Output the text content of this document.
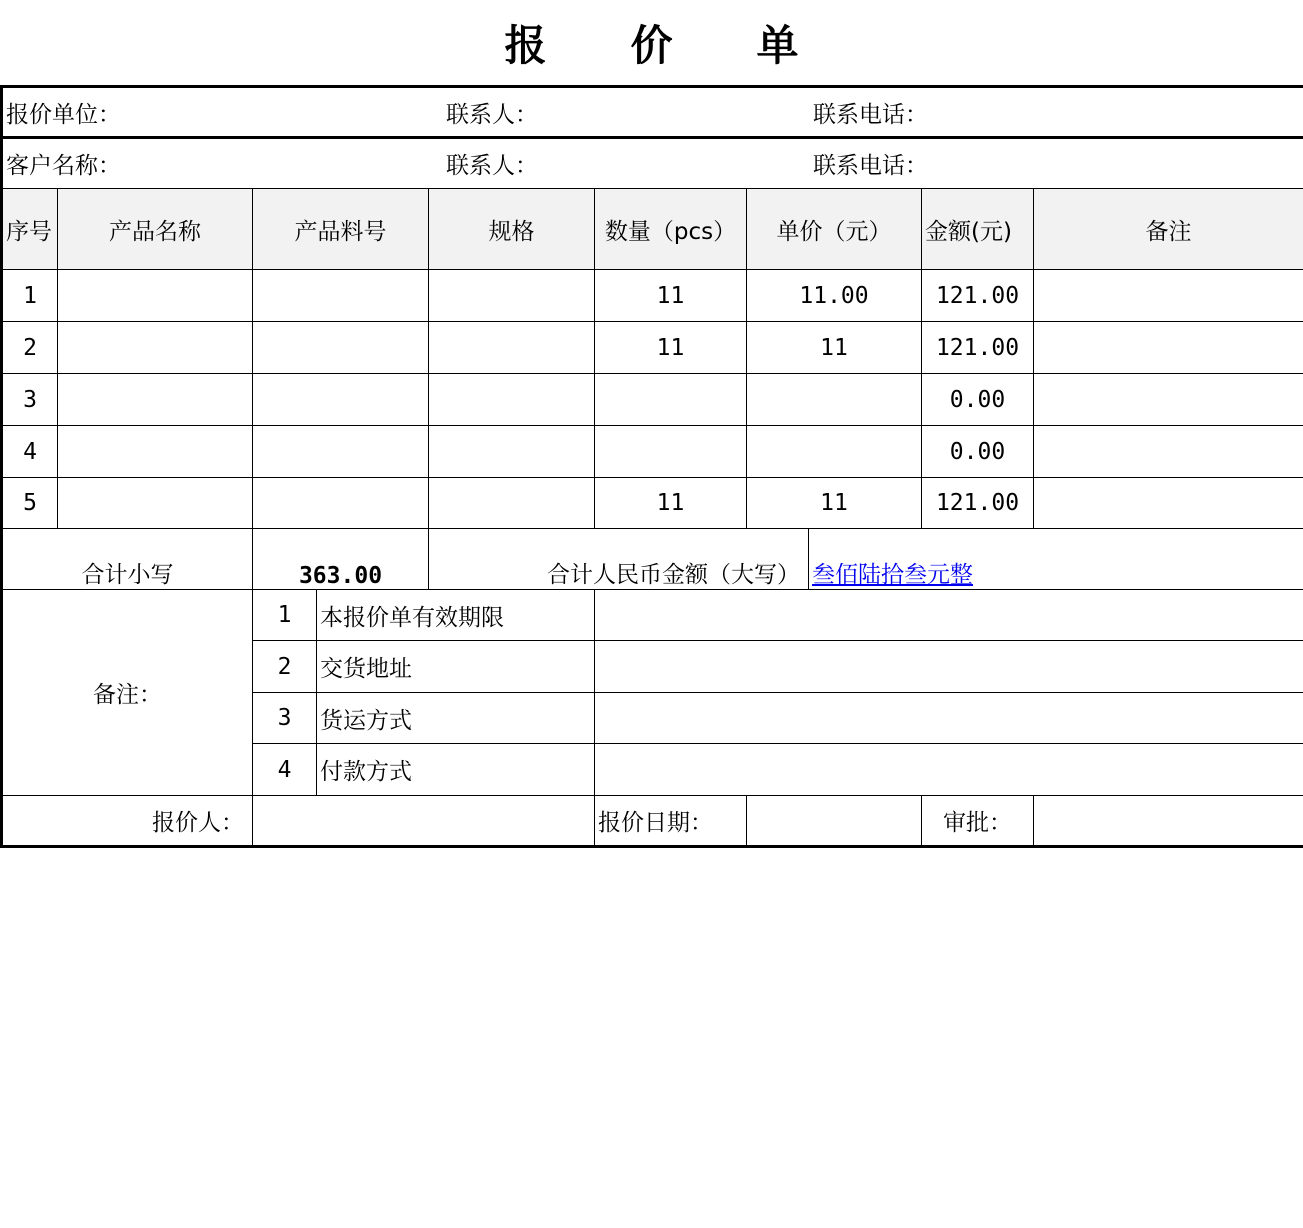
报 价 单
报价单位： 联系人： 联系电话：									

客户名称： 联系人： 联系电话：									

序号	产品名称	产品料号		规格	数量（pcs）	单价（元）		金额(元)	备注
1					11	11.00		121.00	
2					11	11		121.00	
3								0.00	
4								0.00	
5					11	11		121.00	
合计小写		363.00		合计人民币金额（大写）			叁佰陆拾叁元整		
备注：		1	本报价单有效期限						
		2	交货地址						
		3	货运方式						
		4	付款方式						
报价人：					报价日期：			审批：	
